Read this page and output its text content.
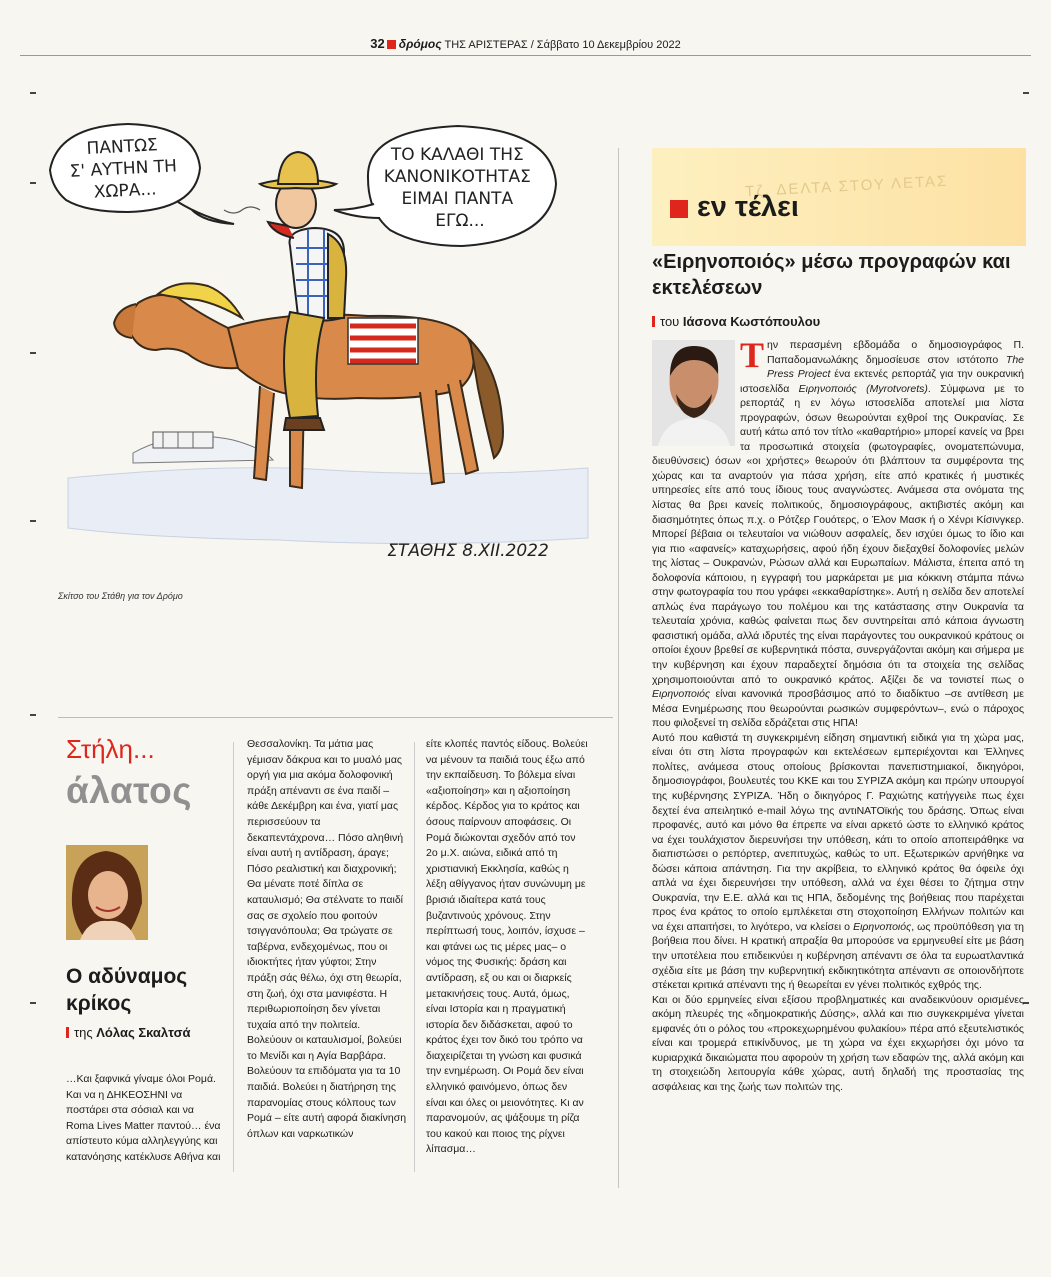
32 δρόμος ΤΗΣ ΑΡΙΣΤΕΡΑΣ / Σάββατο 10 Δεκεμβρίου 2022
ΠΑΝΤΩΣ Σ' ΑΥΤΗΝ ΤΗ ΧΩΡΑ...
ΤΟ ΚΑΛΑΘΙ ΤΗΣ ΚΑΝΟΝΙΚΟΤΗΤΑΣ ΕΙΜΑΙ ΠΑΝΤΑ ΕΓΩ...
ΣΤΑΘΗΣ 8.ΧΙΙ.2022
Σκίτσο του Στάθη για τον Δρόμο
Στήλη...
άλατος
Ο αδύναμος κρίκος
της Λόλας Σκαλτσά
…Και ξαφνικά γίναμε όλοι Ρομά. Και να η ΔΗΚΕΟΣΗΝΙ να ποστάρει στα σόσιαλ και να Roma Lives Matter παντού… ένα απίστευτο κύμα αλληλεγγύης και κατανόησης κατέκλυσε Αθήνα και
Θεσσαλονίκη. Τα μάτια μας γέμισαν δάκρυα και το μυαλό μας οργή για μια ακόμα δολοφονική πράξη απέναντι σε ένα παιδί – κάθε Δεκέμβρη και ένα, γιατί μας περισσεύουν τα δεκαπεντάχρονα… Πόσο αληθινή είναι αυτή η αντίδραση, άραγε; Πόσο ρεαλιστική και διαχρονική; Θα μένατε ποτέ δίπλα σε καταυλισμό; Θα στέλνατε το παιδί σας σε σχολείο που φοιτούν τσιγγανόπουλα; Θα τρώγατε σε ταβέρνα, ενδεχομένως, που οι ιδιοκτήτες ήταν γύφτοι; Στην πράξη σάς θέλω, όχι στη θεωρία, στη ζωή, όχι στα μανιφέστα. Η περιθωριοποίηση δεν γίνεται τυχαία από την πολιτεία. Βολεύουν οι καταυλισμοί, βολεύει το Μενίδι και η Αγία Βαρβάρα. Βολεύουν τα επιδόματα για τα 10 παιδιά. Βολεύει η διατήρηση της παρανομίας στους κόλπους των Ρομά – είτε αυτή αφορά διακίνηση όπλων και ναρκωτικών
είτε κλοπές παντός είδους. Βολεύει να μένουν τα παιδιά τους έξω από την εκπαίδευση. Το βόλεμα είναι «αξιοποίηση» και η αξιοποίηση κέρδος. Κέρδος για το κράτος και όσους παίρνουν αποφάσεις. Οι Ρομά διώκονται σχεδόν από τον 2ο μ.Χ. αιώνα, ειδικά από τη χριστιανική Εκκλησία, καθώς η λέξη αθίγγανος ήταν συνώνυμη με βρισιά ιδιαίτερα κατά τους βυζαντινούς χρόνους. Στην περίπτωσή τους, λοιπόν, ίσχυσε –και φτάνει ως τις μέρες μας– ο νόμος της Φυσικής: δράση και αντίδραση, εξ ου και οι διαρκείς μετακινήσεις τους. Αυτά, όμως, είναι Ιστορία και η πραγματική ιστορία δεν διδάσκεται, αφού το κράτος έχει τον δικό του τρόπο να διαχειρίζεται τη γνώση και φυσικά την ενημέρωση. Οι Ρομά δεν είναι ελληνικό φαινόμενο, όπως δεν είναι και όλες οι μειονότητες. Κι αν παρανομούν, ας ψάξουμε τη ρίζα του κακού και ποιος της ρίχνει λίπασμα…
Τζ. ΔΕΛΤΑ ΣΤΟΥ ΛΕΤΑΣ
εν τέλει
«Ειρηνοποιός» μέσω προγραφών και εκτελέσεων
του Ιάσονα Κωστόπουλου

Την περασμένη εβδομάδα ο δημοσιογράφος Π. Παπαδομανωλάκης δημοσίευσε στον ιστότοπο The Press Project ένα εκτενές ρεπορτάζ για την ουκρανική ιστοσελίδα Ειρηνοποιός (Myrotvorets). Σύμφωνα με το ρεπορτάζ η εν λόγω ιστοσελίδα αποτελεί μια λίστα προγραφών, όσων θεωρούνται εχθροί της Ουκρανίας. Σε αυτή κάτω από τον τίτλο «καθαρτήριο» μπορεί κανείς να βρει τα προσωπικά στοιχεία (φωτογραφίες, ονοματεπώνυμα, διευθύνσεις) όσων «οι χρήστες» θεωρούν ότι βλάπτουν τα συμφέροντα της χώρας και τα αναρτούν για πάσα χρήση, είτε από κρατικές ή μυστικές υπηρεσίες είτε από τους ίδιους τους αναγνώστες. Ανάμεσα στα ονόματα της λίστας θα βρει κανείς πολιτικούς, δημοσιογράφους, ακτιβιστές ακόμη και διασημότητες όπως π.χ. ο Ρότζερ Γουότερς, ο Έλον Μασκ ή ο Χένρι Κίσινγκερ. Μπορεί βέβαια οι τελευταίοι να νιώθουν ασφαλείς, δεν ισχύει όμως το ίδιο και για πιο «αφανείς» καταχωρήσεις, αφού ήδη έχουν διεξαχθεί δολοφονίες μελών της λίστας – Ουκρανών, Ρώσων αλλά και Ευρωπαίων. Μάλιστα, έπειτα από τη δολοφονία κάποιου, η εγγραφή του μαρκάρεται με μια κόκκινη στάμπα πάνω στην φωτογραφία του που γράφει «εκκαθαρίστηκε». Αυτή η σελίδα δεν αποτελεί απλώς ένα παράγωγο του πολέμου και της κατάστασης στην Ουκρανία τα τελευταία χρόνια, καθώς φαίνεται πως δεν συντηρείται από κάποια άγνωστη φασιστική ομάδα, αλλά ιδρυτές της είναι παράγοντες του ουκρανικού κράτους οι οποίοι έχουν βρεθεί σε κυβερνητικά πόστα, συνεργάζονται ακόμη και σήμερα με την κυβέρνηση και έχουν παραδεχτεί δημόσια ότι τα στοιχεία της σελίδας χρησιμοποιούνται από το ουκρανικό κράτος. Αξίζει δε να τονιστεί πως ο Ειρηνοποιός είναι κανονικά προσβάσιμος από το διαδίκτυο –σε αντίθεση με Μέσα Ενημέρωσης που θεωρούνται ρωσικών συμφερόντων–, ενώ ο πάροχος που φιλοξενεί τη σελίδα εδράζεται στις ΗΠΑ!

Αυτό που καθιστά τη συγκεκριμένη είδηση σημαντική ειδικά για τη χώρα μας, είναι ότι στη λίστα προγραφών και εκτελέσεων εμπεριέχονται και Έλληνες πολίτες, ανάμεσα στους οποίους βρίσκονται πανεπιστημιακοί, δικηγόροι, δημοσιογράφοι, βουλευτές του ΚΚΕ και του ΣΥΡΙΖΑ ακόμη και πρώην υπουργοί της κυβέρνησης ΣΥΡΙΖΑ. Ήδη ο δικηγόρος Γ. Ραχιώτης κατήγγειλε πως έχει δεχτεί ένα απειλητικό e-mail λόγω της αντιΝΑΤΟϊκής του δράσης. Όπως είναι προφανές, αυτό και μόνο θα έπρεπε να είναι αρκετό ώστε το ελληνικό κράτος να έχει τουλάχιστον διερευνήσει την υπόθεση, κάτι το οποίο αποπειράθηκε να διαπιστώσει ο ρεπόρτερ, ανεπιτυχώς, καθώς το υπ. Εξωτερικών αρνήθηκε να δώσει κάποια απάντηση. Για την ακρίβεια, το ελληνικό κράτος θα όφειλε όχι απλά να έχει διερευνήσει την υπόθεση, αλλά να έχει θέσει το ζήτημα στην Ουκρανία, την Ε.Ε. αλλά και τις ΗΠΑ, δεδομένης της βοήθειας που παρέχεται προς ένα κράτος το οποίο εμπλέκεται στη στοχοποίηση Ελλήνων πολιτών και να έχει απαιτήσει, το λιγότερο, να κλείσει ο Ειρηνοποιός, ως προϋπόθεση για τη βοήθεια που δίνει. Η κρατική απραξία θα μπορούσε να ερμηνευθεί είτε με βάση την υποτέλεια που επιδεικνύει η κυβέρνηση απέναντι σε όλα τα ευρωατλαντικά σχέδια είτε με βάση την κυβερνητική εκδικητικότητα απέναντι σε οποιονδήποτε στέκεται κριτικά απέναντι της ή θεωρείται εν γένει πολιτικός εχθρός της.

Και οι δύο ερμηνείες είναι εξίσου προβληματικές και αναδεικνύουν ορισμένες ακόμη πλευρές της «δημοκρατικής Δύσης», αλλά και πιο συγκεκριμένα γίνεται εμφανές ότι ο ρόλος του «προκεχωρημένου φυλακίου» πέρα από εξευτελιστικός είναι και τρομερά επικίνδυνος, με τη χώρα να έχει εκχωρήσει όχι μόνο τα κυριαρχικά δικαιώματα που αφορούν τη χρήση των εδαφών της, αλλά ακόμη και τη στοιχειώδη λειτουργία κάθε χώρας, αυτή δηλαδή της προστασίας της ασφάλειας και της ζωής των πολιτών της.
